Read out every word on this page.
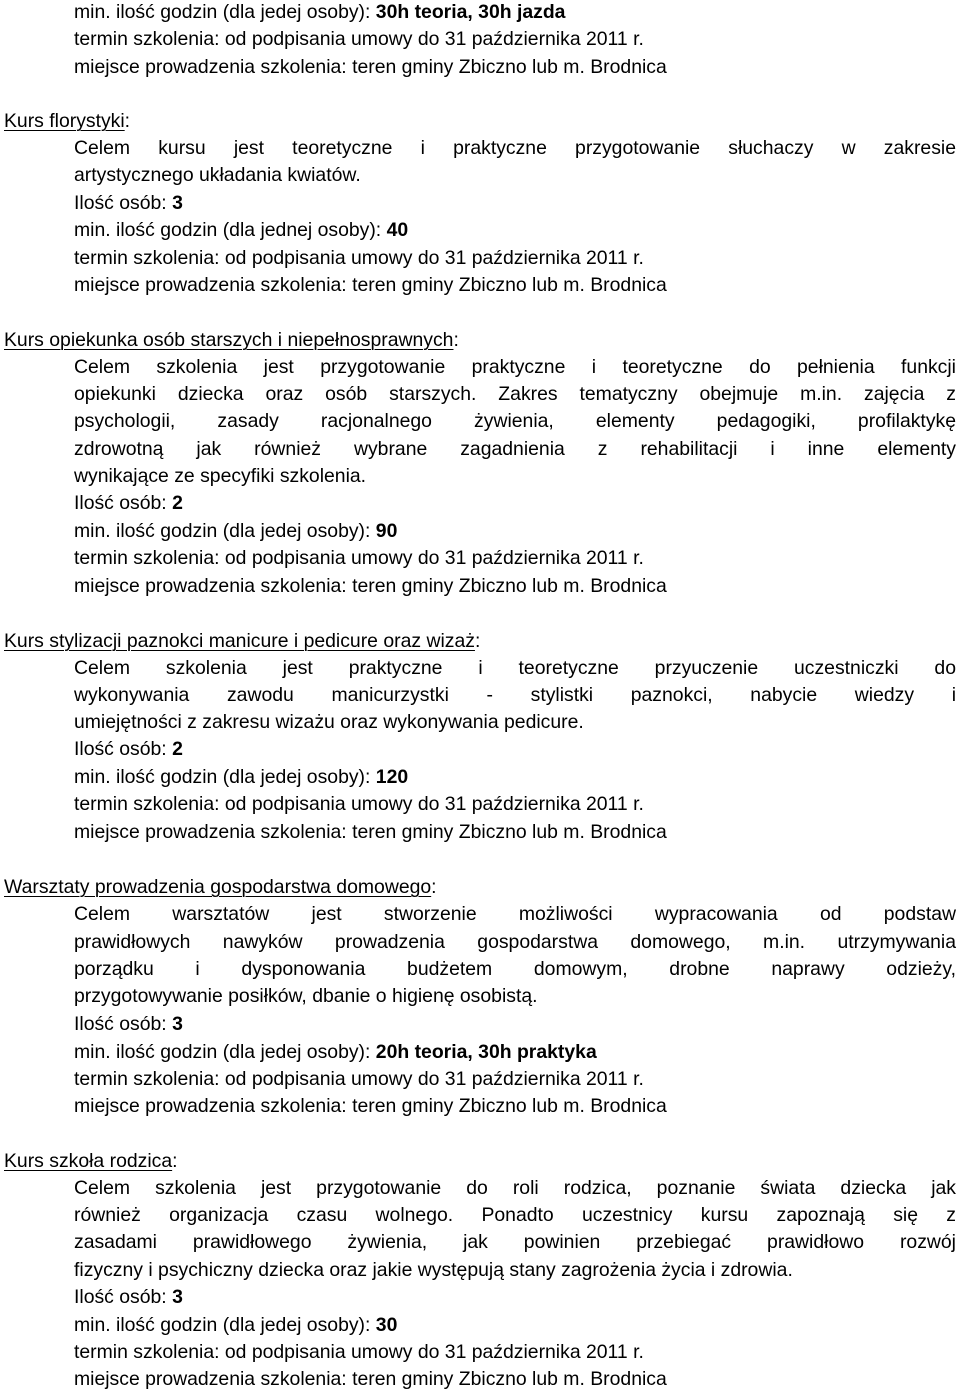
min. ilość godzin (dla jedej osoby): 30h teoria, 30h jazda
termin szkolenia: od podpisania umowy do 31 października 2011 r.
miejsce prowadzenia szkolenia: teren gminy Zbiczno lub m. Brodnica
Kurs florystyki:
Celem kursu jest teoretyczne i praktyczne przygotowanie słuchaczy w zakresie
artystycznego układania kwiatów.
Ilość osób: 3
min. ilość godzin (dla jednej osoby): 40
termin szkolenia: od podpisania umowy do 31 października 2011 r.
miejsce prowadzenia szkolenia: teren gminy Zbiczno lub m. Brodnica
Kurs opiekunka osób starszych i niepełnosprawnych:
Celem szkolenia jest przygotowanie praktyczne i teoretyczne do pełnienia funkcji
opiekunki dziecka oraz osób starszych. Zakres tematyczny obejmuje m.in. zajęcia z
psychologii, zasady racjonalnego żywienia, elementy pedagogiki, profilaktykę
zdrowotną jak również wybrane zagadnienia z rehabilitacji i inne elementy
wynikające ze specyfiki szkolenia.
Ilość osób: 2
min. ilość godzin (dla jedej osoby): 90
termin szkolenia: od podpisania umowy do 31 października 2011 r.
miejsce prowadzenia szkolenia: teren gminy Zbiczno lub m. Brodnica
Kurs stylizacji paznokci manicure i pedicure oraz wizaż:
Celem szkolenia jest praktyczne i teoretyczne przyuczenie uczestniczki do
wykonywania zawodu manicurzystki - stylistki paznokci, nabycie wiedzy i
umiejętności z zakresu wizażu oraz wykonywania pedicure.
Ilość osób: 2
min. ilość godzin (dla jedej osoby): 120
termin szkolenia: od podpisania umowy do 31 października 2011 r.
miejsce prowadzenia szkolenia: teren gminy Zbiczno lub m. Brodnica
Warsztaty prowadzenia gospodarstwa domowego:
Celem warsztatów jest stworzenie możliwości wypracowania od podstaw
prawidłowych nawyków prowadzenia gospodarstwa domowego, m.in. utrzymywania
porządku i dysponowania budżetem domowym, drobne naprawy odzieży,
przygotowywanie posiłków, dbanie o higienę osobistą.
Ilość osób: 3
min. ilość godzin (dla jedej osoby): 20h teoria, 30h praktyka
termin szkolenia: od podpisania umowy do 31 października 2011 r.
miejsce prowadzenia szkolenia: teren gminy Zbiczno lub m. Brodnica
Kurs szkoła rodzica:
Celem szkolenia jest przygotowanie do roli rodzica, poznanie świata dziecka jak
również organizacja czasu wolnego. Ponadto uczestnicy kursu zapoznają się z
zasadami prawidłowego żywienia, jak powinien przebiegać prawidłowo rozwój
fizyczny i psychiczny dziecka oraz jakie występują stany zagrożenia życia i zdrowia.
Ilość osób: 3
min. ilość godzin (dla jedej osoby): 30
termin szkolenia: od podpisania umowy do 31 października 2011 r.
miejsce prowadzenia szkolenia: teren gminy Zbiczno lub m. Brodnica
